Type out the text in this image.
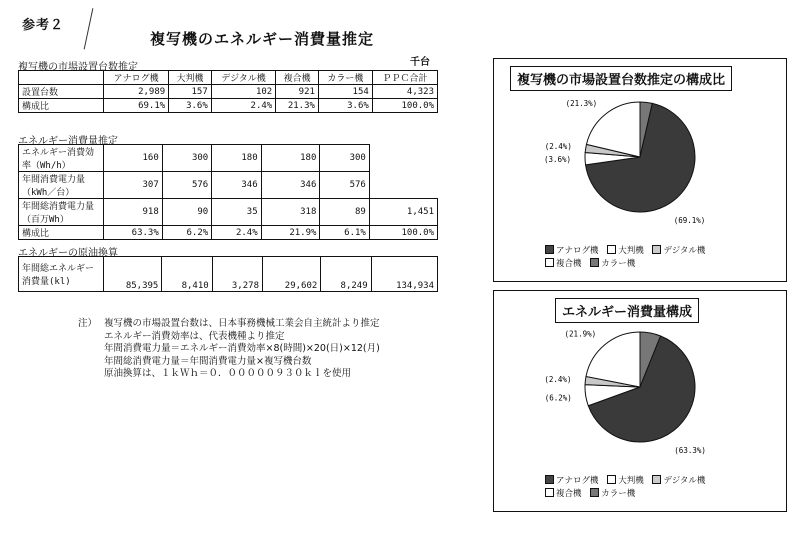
参考２
複写機のエネルギー消費量推定
複写機の市場設置台数推定	千台
	アナログ機	大判機	デジタル機	複合機	カラー機	ＰＰＣ合計
設置台数	2,989	157	102	921	154	4,323
構成比	69.1%	3.6%	2.4%	21.3%	3.6%	100.0%
エネルギー消費量推定
エネルギー消費効率（Wh/h）	160	300	180	180	300	
年間消費電力量（kWh／台）	307	576	346	346	576	
年間総消費電力量（百万Wh）	918	90	35	318	89	1,451
構成比	63.3%	6.2%	2.4%	21.9%	6.1%	100.0%
エネルギーの原油換算
年間総エネルギー消費量(kl)	85,395	8,410	3,278	29,602	8,249	134,934
注） 複写機の市場設置台数は、日本事務機械工業会自主統計より推定
エネルギー消費効率は、代表機種より推定
年間消費電力量＝エネルギー消費効率×8(時間)×20(日)×12(月)
年間総消費電力量＝年間消費電力量×複写機台数
原油換算は、１ｋＷｈ＝０．０００００９３０ｋｌを使用
複写機の市場設置台数推定の構成比
(69.1%)
(3.6%)
(2.4%)
(21.3%)
アナログ機 大判機 デジタル機
複合機 カラー機
エネルギー消費量構成
(63.3%)
(6.2%)
(2.4%)
(21.9%)
アナログ機 大判機 デジタル機
複合機 カラー機
